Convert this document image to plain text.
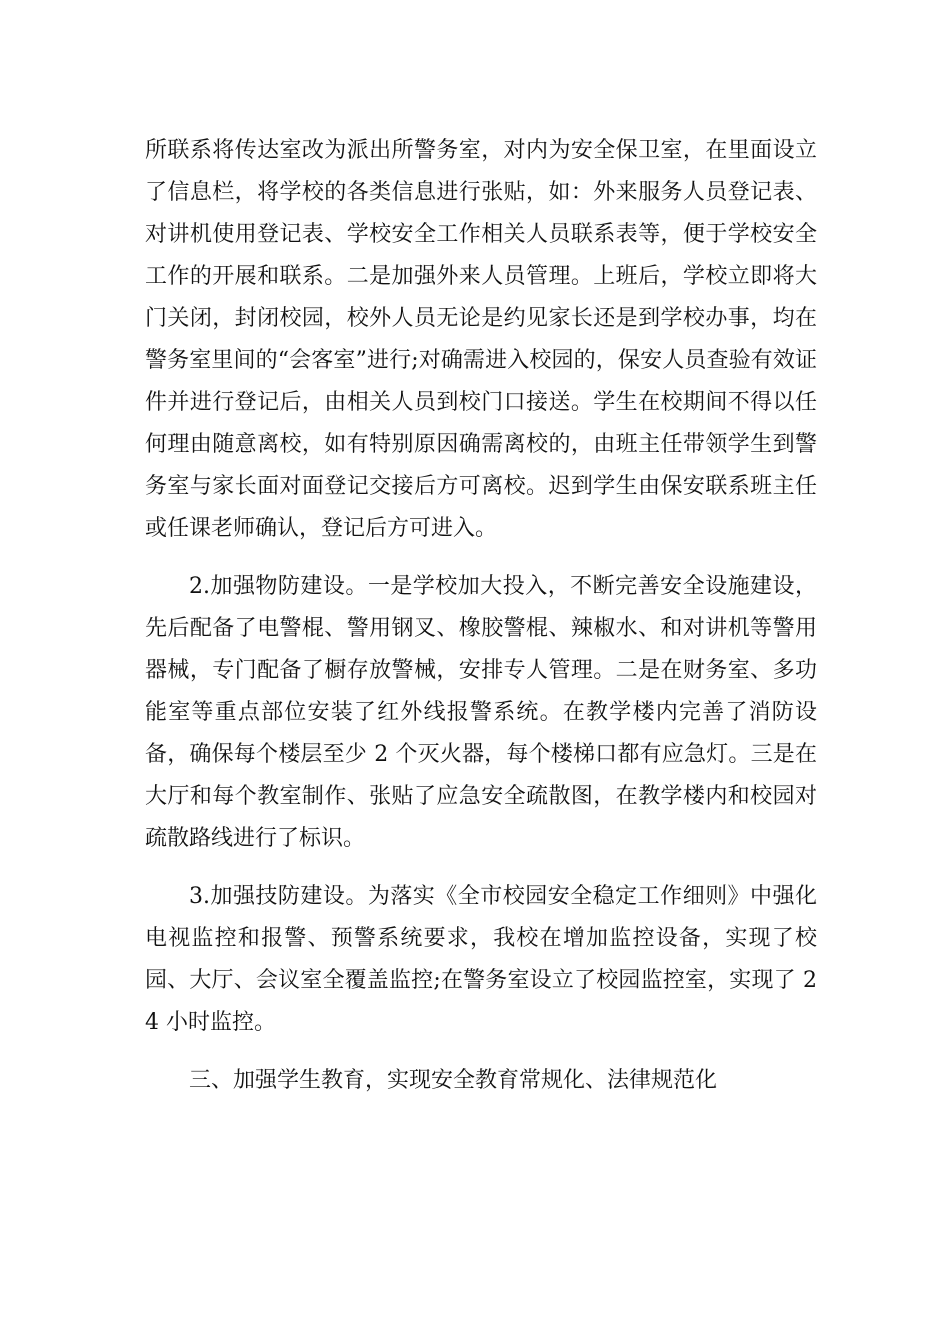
所联系将传达室改为派出所警务室，对内为安全保卫室，在里面设立了信息栏，将学校的各类信息进行张贴，如：外来服务人员登记表、对讲机使用登记表、学校安全工作相关人员联系表等，便于学校安全工作的开展和联系。二是加强外来人员管理。上班后，学校立即将大门关闭，封闭校园，校外人员无论是约见家长还是到学校办事，均在警务室里间的“会客室”进行;对确需进入校园的，保安人员查验有效证件并进行登记后，由相关人员到校门口接送。学生在校期间不得以任何理由随意离校，如有特别原因确需离校的，由班主任带领学生到警务室与家长面对面登记交接后方可离校。迟到学生由保安联系班主任或任课老师确认，登记后方可进入。

2.加强物防建设。一是学校加大投入，不断完善安全设施建设，先后配备了电警棍、警用钢叉、橡胶警棍、辣椒水、和对讲机等警用器械，专门配备了橱存放警械，安排专人管理。二是在财务室、多功能室等重点部位安装了红外线报警系统。在教学楼内完善了消防设备，确保每个楼层至少 2 个灭火器，每个楼梯口都有应急灯。三是在大厅和每个教室制作、张贴了应急安全疏散图，在教学楼内和校园对疏散路线进行了标识。

3.加强技防建设。为落实《全市校园安全稳定工作细则》中强化电视监控和报警、预警系统要求，我校在增加监控设备，实现了校园、大厅、会议室全覆盖监控;在警务室设立了校园监控室，实现了 24 小时监控。

三、加强学生教育，实现安全教育常规化、法律规范化
